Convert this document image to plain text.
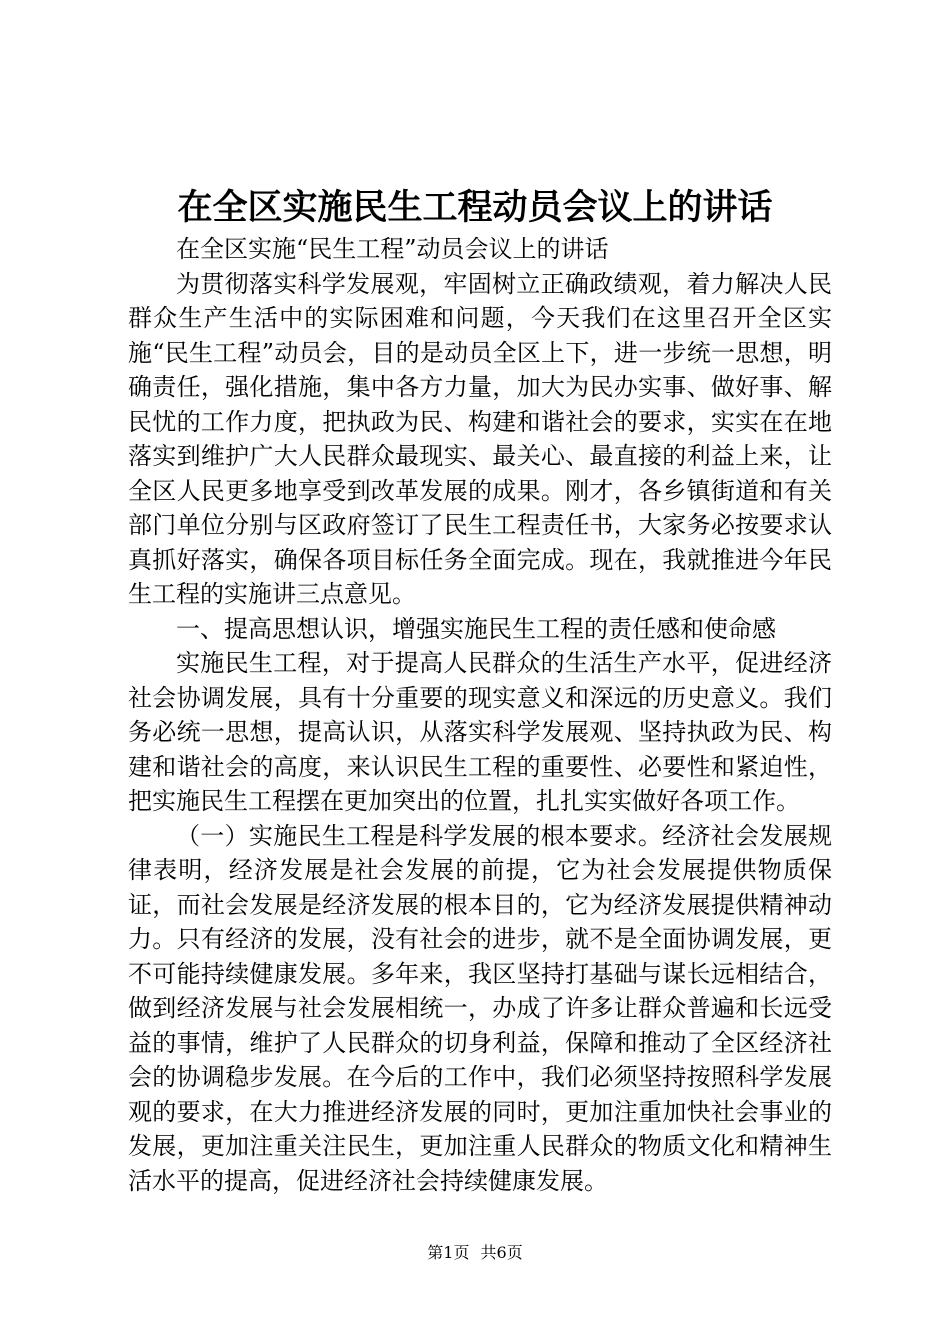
在全区实施民生工程动员会议上的讲话

在全区实施“民生工程”动员会议上的讲话

为贯彻落实科学发展观，牢固树立正确政绩观，着力解决人民群众生产生活中的实际困难和问题，今天我们在这里召开全区实施“民生工程”动员会，目的是动员全区上下，进一步统一思想，明确责任，强化措施，集中各方力量，加大为民办实事、做好事、解民忧的工作力度，把执政为民、构建和谐社会的要求，实实在在地落实到维护广大人民群众最现实、最关心、最直接的利益上来，让全区人民更多地享受到改革发展的成果。刚才，各乡镇街道和有关部门单位分别与区政府签订了民生工程责任书，大家务必按要求认真抓好落实，确保各项目标任务全面完成。现在，我就推进今年民生工程的实施讲三点意见。

一、提高思想认识，增强实施民生工程的责任感和使命感

实施民生工程，对于提高人民群众的生活生产水平，促进经济社会协调发展，具有十分重要的现实意义和深远的历史意义。我们务必统一思想，提高认识，从落实科学发展观、坚持执政为民、构建和谐社会的高度，来认识民生工程的重要性、必要性和紧迫性，把实施民生工程摆在更加突出的位置，扎扎实实做好各项工作。

（一）实施民生工程是科学发展的根本要求。经济社会发展规律表明，经济发展是社会发展的前提，它为社会发展提供物质保证，而社会发展是经济发展的根本目的，它为经济发展提供精神动力。只有经济的发展，没有社会的进步，就不是全面协调发展，更不可能持续健康发展。多年来，我区坚持打基础与谋长远相结合，做到经济发展与社会发展相统一，办成了许多让群众普遍和长远受益的事情，维护了人民群众的切身利益，保障和推动了全区经济社会的协调稳步发展。在今后的工作中，我们必须坚持按照科学发展观的要求，在大力推进经济发展的同时，更加注重加快社会事业的发展，更加注重关注民生，更加注重人民群众的物质文化和精神生活水平的提高，促进经济社会持续健康发展。

第1页 共6页
